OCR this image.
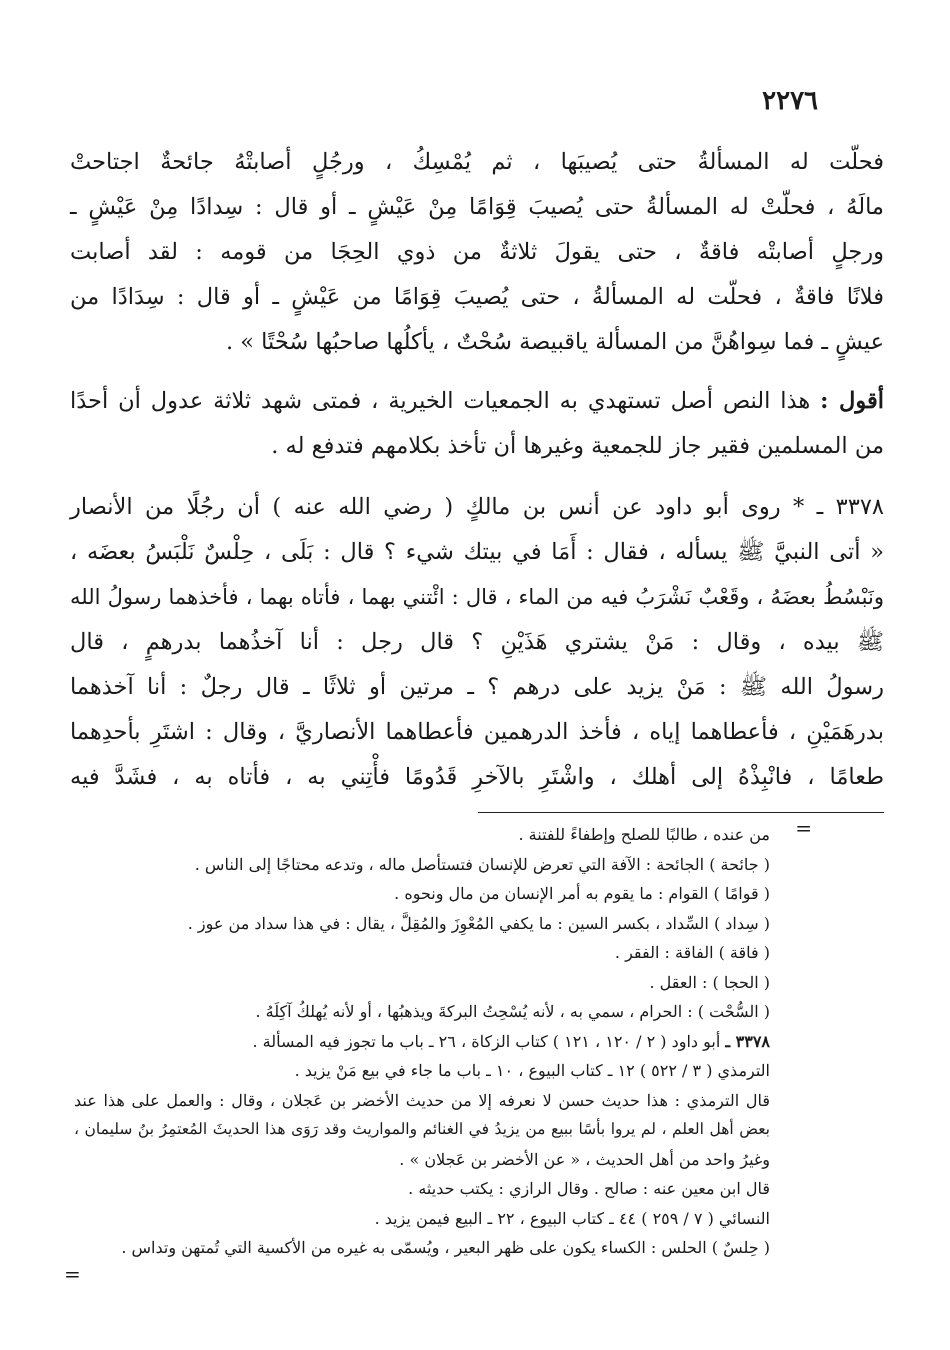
٢٢٧٦
فحلّت له المسألةُ حتى يُصيبَها ، ثم يُمْسِكُ ، ورجُلٍ أصابتْهُ جائحةٌ اجتاحتْ
مالَهُ ، فحلّتْ له المسألةُ حتى يُصيبَ قِوَامًا مِنْ عَيْشٍ ـ أو قال : سِدادًا مِنْ عَيْشٍ ـ
ورجلٍ أصابتْه فاقةٌ ، حتى يقولَ ثلاثةٌ من ذوي الحِجَا من قومه : لقد أصابت
فلانًا فاقةٌ ، فحلّت له المسألةُ ، حتى يُصيبَ قِوَامًا من عَيْشٍ ـ أو قال : سِدَادًا من
عيشٍ ـ فما سِواهُنَّ من المسألة ياقبيصة سُحْتٌ ، يأكلُها صاحبُها سُحْتًا » .
أقول : هذا النص أصل تستهدي به الجمعيات الخيرية ، فمتى شهد ثلاثة عدول أن أحدًا
من المسلمين فقير جاز للجمعية وغيرها أن تأخذ بكلامهم فتدفع له .
٣٣٧٨ ـ * روى أبو داود عن أنس بن مالكٍ ( رضي الله عنه ) أن رجُلًا من الأنصار
« أتى النبيَّ ﷺ يسأله ، فقال : أَمَا في بيتك شيء ؟ قال : بَلَى ، حِلْسٌ نَلْبَسُ بعضَه ،
ونَبْسُطُ بعضَهُ ، وقَعْبٌ نَشْرَبُ فيه من الماء ، قال : ائْتني بهما ، فأتاه بهما ، فأخذهما رسولُ الله
ﷺ بيده ، وقال : مَنْ يشتري هَذَيْنِ ؟ قال رجل : أنا آخذُهما بدرهمٍ ، قال
رسولُ الله ﷺ : مَنْ يزيد على درهم ؟ ـ مرتين أو ثلاثًا ـ قال رجلٌ : أنا آخذهما
بدرهَمَيْنِ ، فأعطاهما إياه ، فأخذ الدرهمين فأعطاهما الأنصاريَّ ، وقال : اشتَرِ بأحدِهما
طعامًا ، فانْبِذْهُ إلى أهلك ، واشْتَرِ بالآخرِ قَدُومًا فأْتِني به ، فأتاه به ، فشَدَّ فيه
=
من عنده ، طالبًا للصلح وإطفاءً للفتنة .
( جائحة ) الجائحة : الآفة التي تعرض للإنسان فتستأصل ماله ، وتدعه محتاجًا إلى الناس .
( قوامًا ) القوام : ما يقوم به أمر الإنسان من مال ونحوه .
( سِداد ) السِّداد ، بكسر السين : ما يكفي المُعْوِزَ والمُقِلَّ ، يقال : في هذا سداد من عوز .
( فاقة ) الفاقة : الفقر .
( الحجا ) : العقل .
( السُّحْت ) : الحرام ، سمي به ، لأنه يُسْحِتُ البركةَ ويذهبُها ، أو لأنه يُهلكُ آكِلَهُ .
٣٣٧٨ ـ أبو داود ( ٢ / ١٢٠ ، ١٢١ ) كتاب الزكاة ، ٢٦ ـ باب ما تجوز فيه المسألة .
الترمذي ( ٣ / ٥٢٢ ) ١٢ ـ كتاب البيوع ، ١٠ ـ باب ما جاء في بيع مَنْ يزيد .
قال الترمذي : هذا حديث حسن لا نعرفه إلا من حديث الأخضر بن عَجلان ، وقال : والعمل على هذا عند
بعض أهل العلم ، لم يروا بأسًا ببيع من يزيدُ في الغنائم والمواريث وقد رَوَى هذا الحديثَ المُعتمِرُ بنُ سليمان ،
وغيرُ واحد من أهل الحديث ، « عن الأخضر بن عَجلان » .
قال ابن معين عنه : صالح . وقال الرازي : يكتب حديثه .
النسائي ( ٧ / ٢٥٩ ) ٤٤ ـ كتاب البيوع ، ٢٢ ـ البيع فيمن يزيد .
( حِلسٌ ) الحلس : الكساء يكون على ظهر البعير ، ويُسمّى به غيره من الأكسية التي تُمتهن وتداس .
=
